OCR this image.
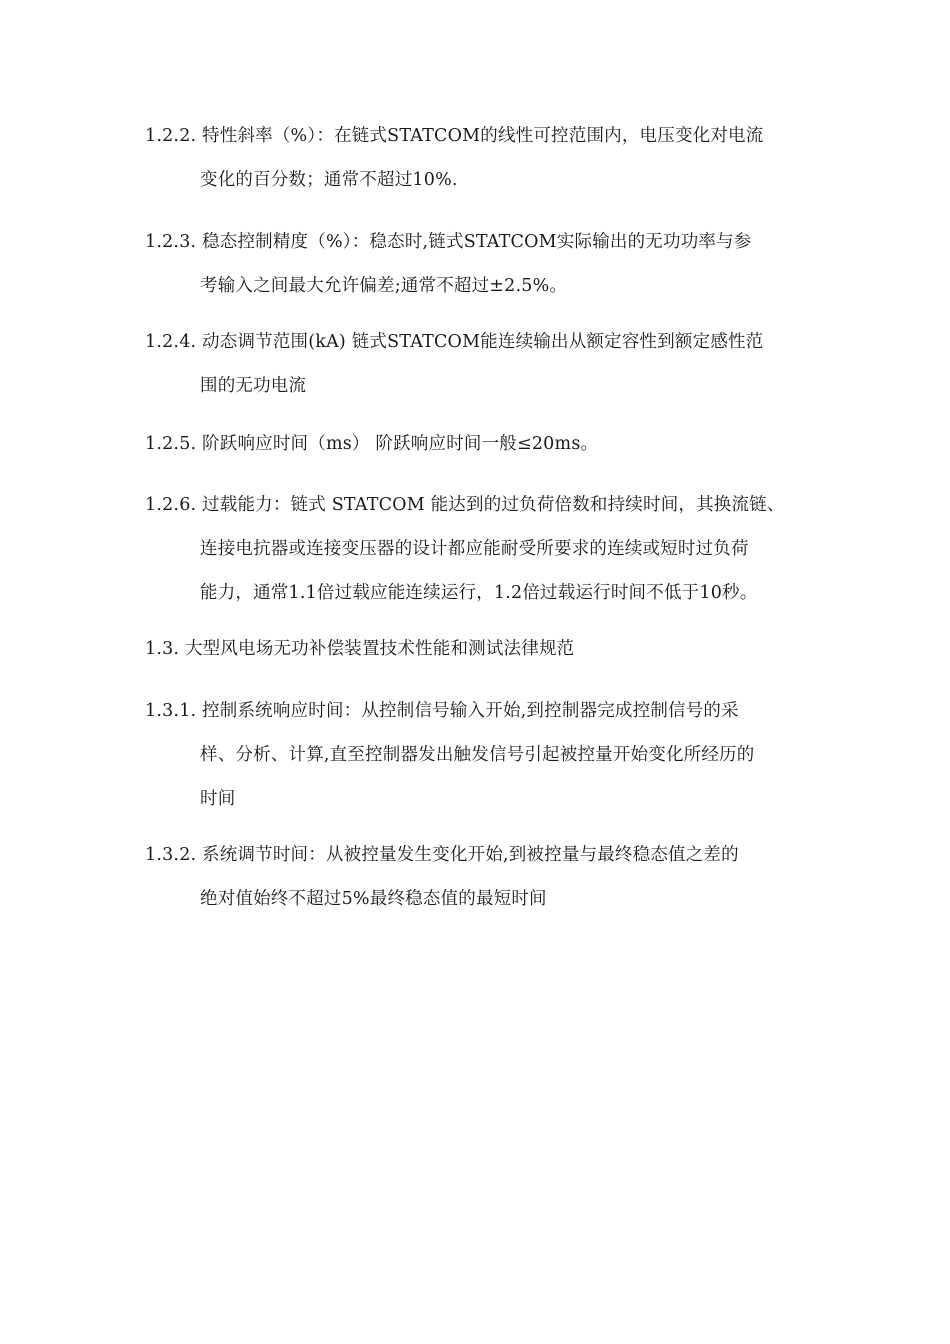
1.2.2. 特性斜率（%）：在链式STATCOM的线性可控范围内，电压变化对电流
变化的百分数；通常不超过10%.
1.2.3. 稳态控制精度（%）：稳态时,链式STATCOM实际输出的无功功率与参
考输入之间最大允许偏差;通常不超过±2.5%。
1.2.4. 动态调节范围(kA) 链式STATCOM能连续输出从额定容性到额定感性范
围的无功电流
1.2.5. 阶跃响应时间（ms） 阶跃响应时间一般≤20ms。
1.2.6. 过载能力：链式 STATCOM 能达到的过负荷倍数和持续时间，其换流链、
连接电抗器或连接变压器的设计都应能耐受所要求的连续或短时过负荷
能力，通常1.1倍过载应能连续运行，1.2倍过载运行时间不低于10秒。
1.3. 大型风电场无功补偿装置技术性能和测试法律规范
1.3.1. 控制系统响应时间：从控制信号输入开始,到控制器完成控制信号的采
样、分析、计算,直至控制器发出触发信号引起被控量开始变化所经历的
时间
1.3.2. 系统调节时间：从被控量发生变化开始,到被控量与最终稳态值之差的
绝对值始终不超过5%最终稳态值的最短时间
